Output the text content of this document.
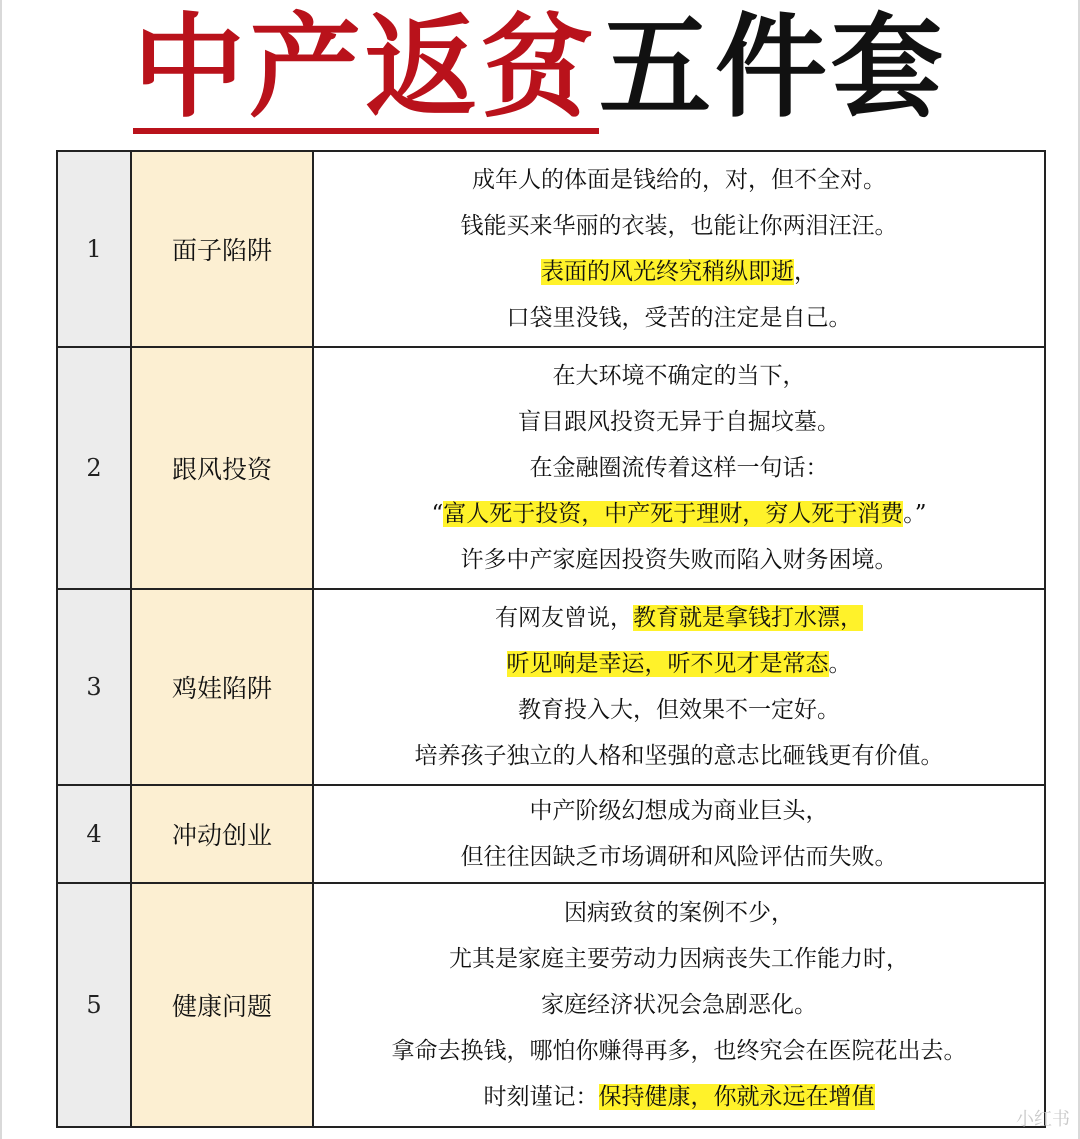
中产返贫 五件套
1	面子陷阱	成年人的体面是钱给的，对，但不全对。
钱能买来华丽的衣装，也能让你两泪汪汪。
表面的风光终究稍纵即逝，
口袋里没钱，受苦的注定是自己。

2	跟风投资	在大环境不确定的当下，
盲目跟风投资无异于自掘坟墓。
在金融圈流传着这样一句话：
“富人死于投资，中产死于理财，穷人死于消费。”
许多中产家庭因投资失败而陷入财务困境。

3	鸡娃陷阱	有网友曾说，教育就是拿钱打水漂，
听见响是幸运，听不见才是常态。
教育投入大，但效果不一定好。
培养孩子独立的人格和坚强的意志比砸钱更有价值。

4	冲动创业	中产阶级幻想成为商业巨头，
但往往因缺乏市场调研和风险评估而失败。

5	健康问题	因病致贫的案例不少，
尤其是家庭主要劳动力因病丧失工作能力时，
家庭经济状况会急剧恶化。
拿命去换钱，哪怕你赚得再多，也终究会在医院花出去。
时刻谨记：保持健康，你就永远在增值
小红书
